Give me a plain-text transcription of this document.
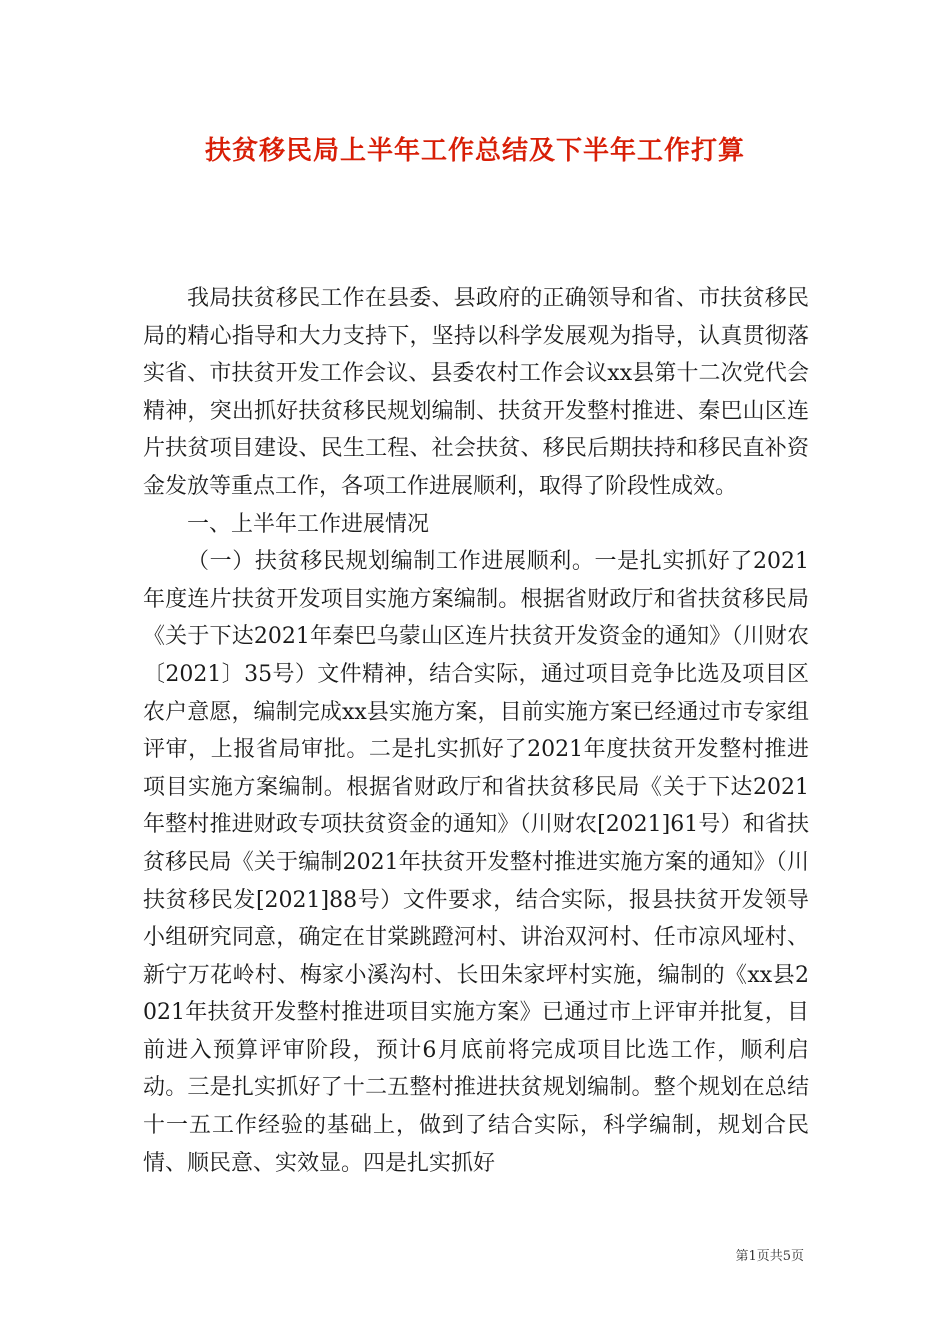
扶贫移民局上半年工作总结及下半年工作打算

我局扶贫移民工作在县委、县政府的正确领导和省、市扶贫移民局的精心指导和大力支持下，坚持以科学发展观为指导，认真贯彻落实省、市扶贫开发工作会议、县委农村工作会议xx县第十二次党代会精神，突出抓好扶贫移民规划编制、扶贫开发整村推进、秦巴山区连片扶贫项目建设、民生工程、社会扶贫、移民后期扶持和移民直补资金发放等重点工作，各项工作进展顺利，取得了阶段性成效。

一、上半年工作进展情况

（一）扶贫移民规划编制工作进展顺利。一是扎实抓好了2021年度连片扶贫开发项目实施方案编制。根据省财政厅和省扶贫移民局《关于下达2021年秦巴乌蒙山区连片扶贫开发资金的通知》（川财农〔2021〕35号）文件精神，结合实际，通过项目竞争比选及项目区农户意愿，编制完成xx县实施方案，目前实施方案已经通过市专家组评审，上报省局审批。二是扎实抓好了2021年度扶贫开发整村推进项目实施方案编制。根据省财政厅和省扶贫移民局《关于下达2021年整村推进财政专项扶贫资金的通知》（川财农[2021]61号）和省扶贫移民局《关于编制2021年扶贫开发整村推进实施方案的通知》（川扶贫移民发[2021]88号）文件要求，结合实际，报县扶贫开发领导小组研究同意，确定在甘棠跳蹬河村、讲治双河村、任市凉风垭村、新宁万花岭村、梅家小溪沟村、长田朱家坪村实施，编制的《xx县2021年扶贫开发整村推进项目实施方案》已通过市上评审并批复，目前进入预算评审阶段，预计6月底前将完成项目比选工作，顺利启动。三是扎实抓好了十二五整村推进扶贫规划编制。整个规划在总结十一五工作经验的基础上，做到了结合实际，科学编制，规划合民情、顺民意、实效显。四是扎实抓好

第1页共5页
